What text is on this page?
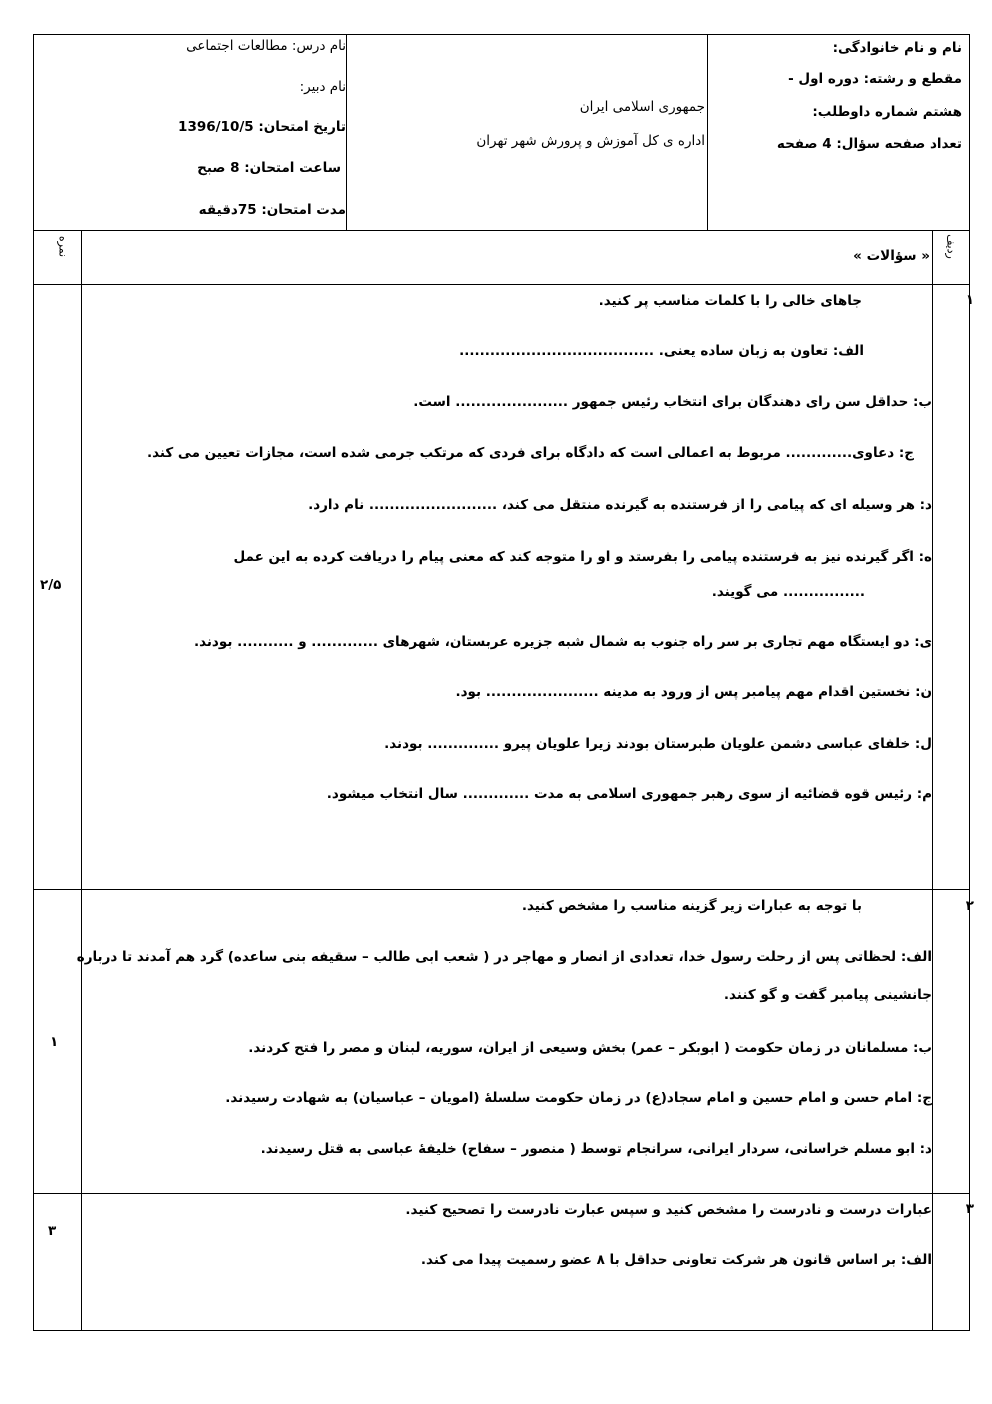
نام و نام خانوادگی:
مقطع و رشته: دوره اول -
هشتم شماره داوطلب:
تعداد صفحه سؤال: 4 صفحه
جمهوری اسلامی ایران
اداره ی کل آموزش و پرورش شهر تهران
نام درس: مطالعات اجتماعی
نام دبیر:
تاریخ امتحان: 1396/10/5
ساعت امتحان: 8 صبح
مدت امتحان: 75دقیقه
ردیف
« سؤالات »
نمره
۱
۲/۵
جاهای خالی را با کلمات مناسب پر کنید.
الف: تعاون به زبان ساده یعنی. ......................................
ب: حداقل سن رای دهندگان برای انتخاب رئیس جمهور ...................... است.
ج: دعاوی............. مربوط به اعمالی است که دادگاه برای فردی که مرتکب جرمی شده است، مجازات تعیین می کند.
د: هر وسیله ای که پیامی را از فرستنده به گیرنده منتقل می کند، ......................... نام دارد.
ه: اگر گیرنده نیز به فرستنده پیامی را بفرستد و او را متوجه کند که معنی پیام را دریافت کرده به این عمل
................ می گویند.
ی: دو ایستگاه مهم تجاری بر سر راه جنوب به شمال شبه جزیره عربستان، شهرهای ............. و ........... بودند.
ن: نخستین اقدام مهم پیامبر پس از ورود به مدینه ...................... بود.
ل: خلفای عباسی دشمن علویان طبرستان بودند زیرا علویان پیرو .............. بودند.
م: رئیس قوه قضائیه از سوی رهبر جمهوری اسلامی به مدت ............. سال انتخاب میشود.
۲
۱
با توجه به عبارات زیر گزینه مناسب را مشخص کنید.
الف: لحظاتی پس از رحلت رسول خدا، تعدادی از انصار و مهاجر در ( شعب ابی طالب – سقیفه بنی ساعده) گرد هم آمدند تا درباره
جانشینی پیامبر گفت و گو کنند.
ب: مسلمانان در زمان حکومت ( ابوبکر – عمر) بخش وسیعی از ایران، سوریه، لبنان و مصر را فتح کردند.
ج: امام حسن و امام حسین و امام سجاد(ع) در زمان حکومت سلسلهٔ (امویان – عباسیان) به شهادت رسیدند.
د: ابو مسلم خراسانی، سردار ایرانی، سرانجام توسط ( منصور – سفاح) خلیفهٔ عباسی به قتل رسیدند.
۳
۳
عبارات درست و نادرست را مشخص کنید و سپس عبارت نادرست را تصحیح کنید.
الف: بر اساس قانون هر شرکت تعاونی حداقل با ۸ عضو رسمیت پیدا می کند.
